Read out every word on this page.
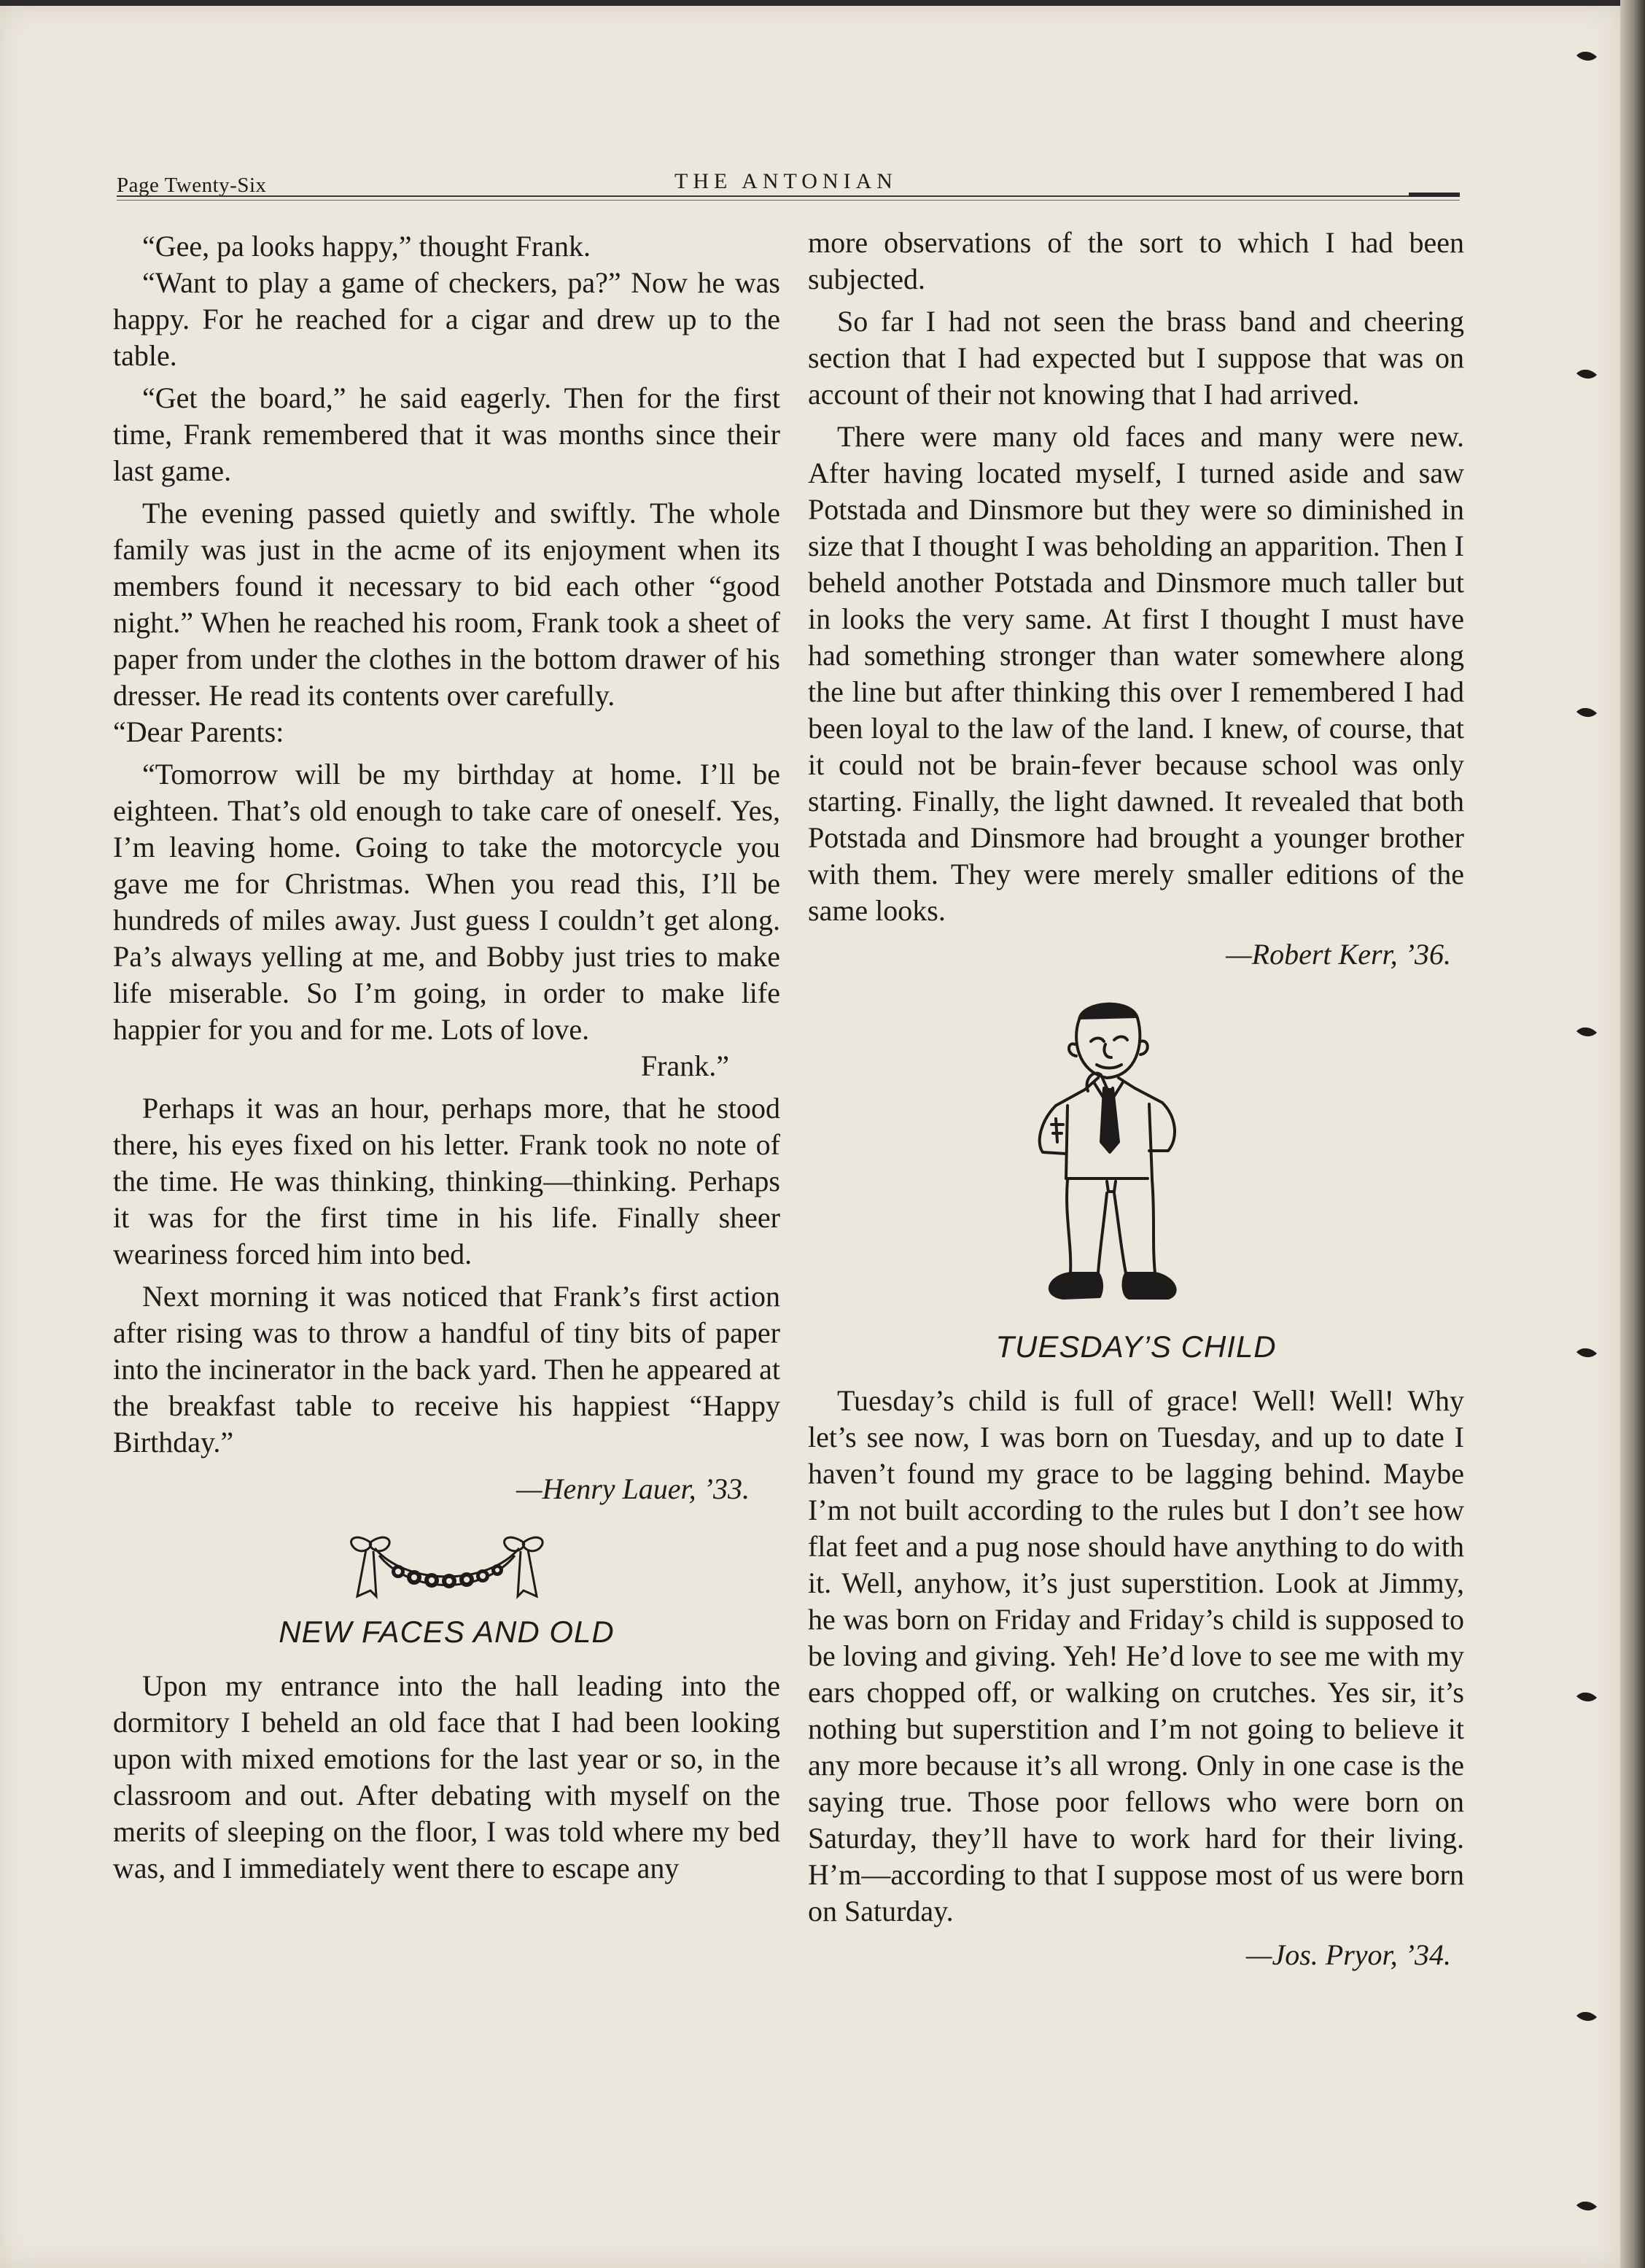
Page Twenty-Six	THE ANTONIAN

“Gee, pa looks happy,” thought Frank.

“Want to play a game of checkers, pa?” Now he was happy. For he reached for a cigar and drew up to the table.

“Get the board,” he said eagerly. Then for the first time, Frank remembered that it was months since their last game.

The evening passed quietly and swiftly. The whole family was just in the acme of its enjoyment when its members found it necessary to bid each other “good night.” When he reached his room, Frank took a sheet of paper from under the clothes in the bottom drawer of his dresser. He read its contents over carefully.

“Dear Parents:

“Tomorrow will be my birthday at home. I’ll be eighteen. That’s old enough to take care of oneself. Yes, I’m leaving home. Going to take the motorcycle you gave me for Christmas. When you read this, I’ll be hundreds of miles away. Just guess I couldn’t get along. Pa’s always yelling at me, and Bobby just tries to make life miserable. So I’m going, in order to make life happier for you and for me. Lots of love.

Frank.”

Perhaps it was an hour, perhaps more, that he stood there, his eyes fixed on his letter. Frank took no note of the time. He was thinking, thinking—thinking. Perhaps it was for the first time in his life. Finally sheer weariness forced him into bed.

Next morning it was noticed that Frank’s first action after rising was to throw a handful of tiny bits of paper into the incinerator in the back yard. Then he appeared at the breakfast table to receive his happiest “Happy Birthday.”

—Henry Lauer, ’33.
NEW FACES AND OLD

Upon my entrance into the hall leading into the dormitory I beheld an old face that I had been looking upon with mixed emotions for the last year or so, in the classroom and out. After debating with myself on the merits of sleeping on the floor, I was told where my bed was, and I immediately went there to escape any

more observations of the sort to which I had been subjected.

So far I had not seen the brass band and cheering section that I had expected but I suppose that was on account of their not knowing that I had arrived.

There were many old faces and many were new. After having located myself, I turned aside and saw Potstada and Dinsmore but they were so diminished in size that I thought I was beholding an apparition. Then I beheld another Potstada and Dinsmore much taller but in looks the very same. At first I thought I must have had something stronger than water somewhere along the line but after thinking this over I remembered I had been loyal to the law of the land. I knew, of course, that it could not be brain-fever because school was only starting. Finally, the light dawned. It revealed that both Potstada and Dinsmore had brought a younger brother with them. They were merely smaller editions of the same looks.

—Robert Kerr, ’36.
TUESDAY’S CHILD

Tuesday’s child is full of grace! Well! Well! Why let’s see now, I was born on Tuesday, and up to date I haven’t found my grace to be lagging behind. Maybe I’m not built according to the rules but I don’t see how flat feet and a pug nose should have anything to do with it. Well, anyhow, it’s just superstition. Look at Jimmy, he was born on Friday and Friday’s child is supposed to be loving and giving. Yeh! He’d love to see me with my ears chopped off, or walking on crutches. Yes sir, it’s nothing but superstition and I’m not going to believe it any more because it’s all wrong. Only in one case is the saying true. Those poor fellows who were born on Saturday, they’ll have to work hard for their living. H’m—according to that I suppose most of us were born on Saturday.

—Jos. Pryor, ’34.
